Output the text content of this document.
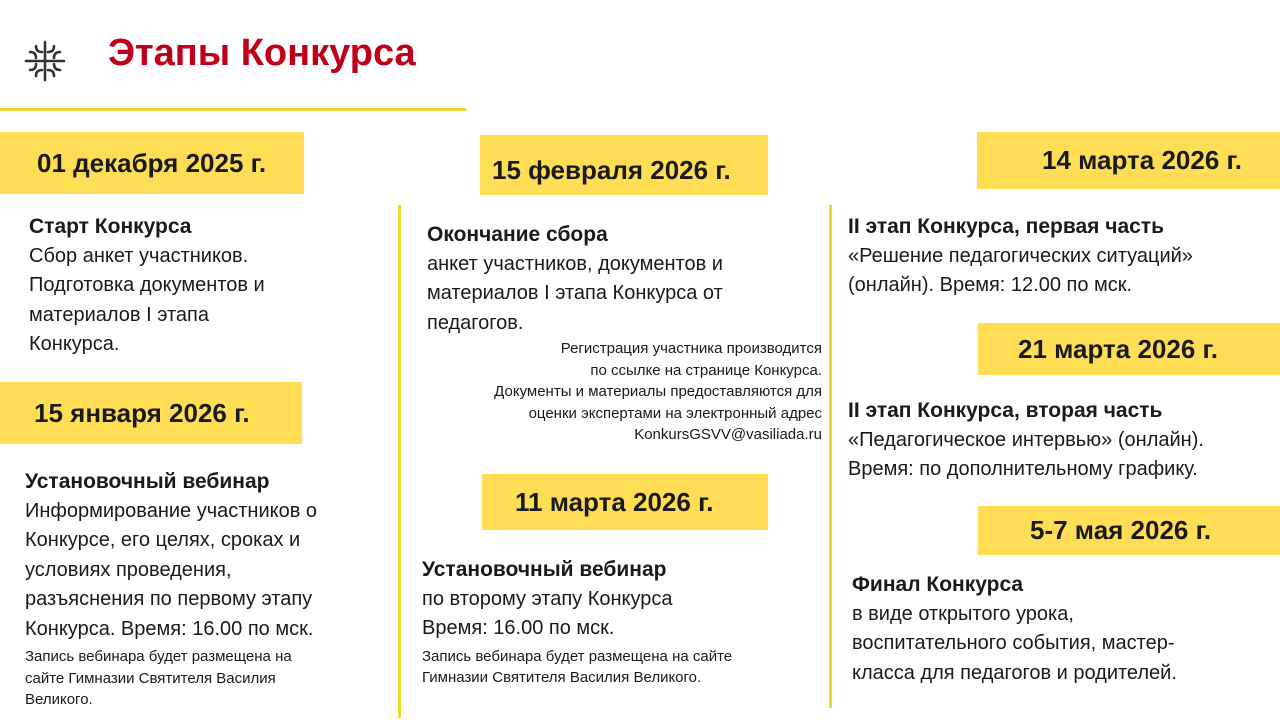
Этапы Конкурса
01 декабря 2025 г.
Старт Конкурса
Сбор анкет участников.
Подготовка документов и
материалов I этапа
Конкурса.
15 января 2026 г.
Установочный вебинар
Информирование участников о
Конкурсе, его целях, сроках и
условиях проведения,
разъяснения по первому этапу
Конкурса. Время: 16.00 по мск.
Запись вебинара будет размещена на
сайте Гимназии Святителя Василия
Великого.
15 февраля 2026 г.
Окончание сбора
анкет участников, документов и
материалов I этапа Конкурса от
педагогов.
Регистрация участника производится
по ссылке на странице Конкурса.
Документы и материалы предоставляются для
оценки экспертами на электронный адрес
KonkursGSVV@vasiliada.ru
11 марта 2026 г.
Установочный вебинар
по второму этапу Конкурса
Время: 16.00 по мск.
Запись вебинара будет размещена на сайте
Гимназии Святителя Василия Великого.
14 марта 2026 г.
II этап Конкурса, первая часть
«Решение педагогических ситуаций»
(онлайн). Время: 12.00 по мск.
21 марта 2026 г.
II этап Конкурса, вторая часть
«Педагогическое интервью» (онлайн).
Время: по дополнительному графику.
5-7 мая 2026 г.
Финал Конкурса
в виде открытого урока,
воспитательного события, мастер-
класса для педагогов и родителей.
